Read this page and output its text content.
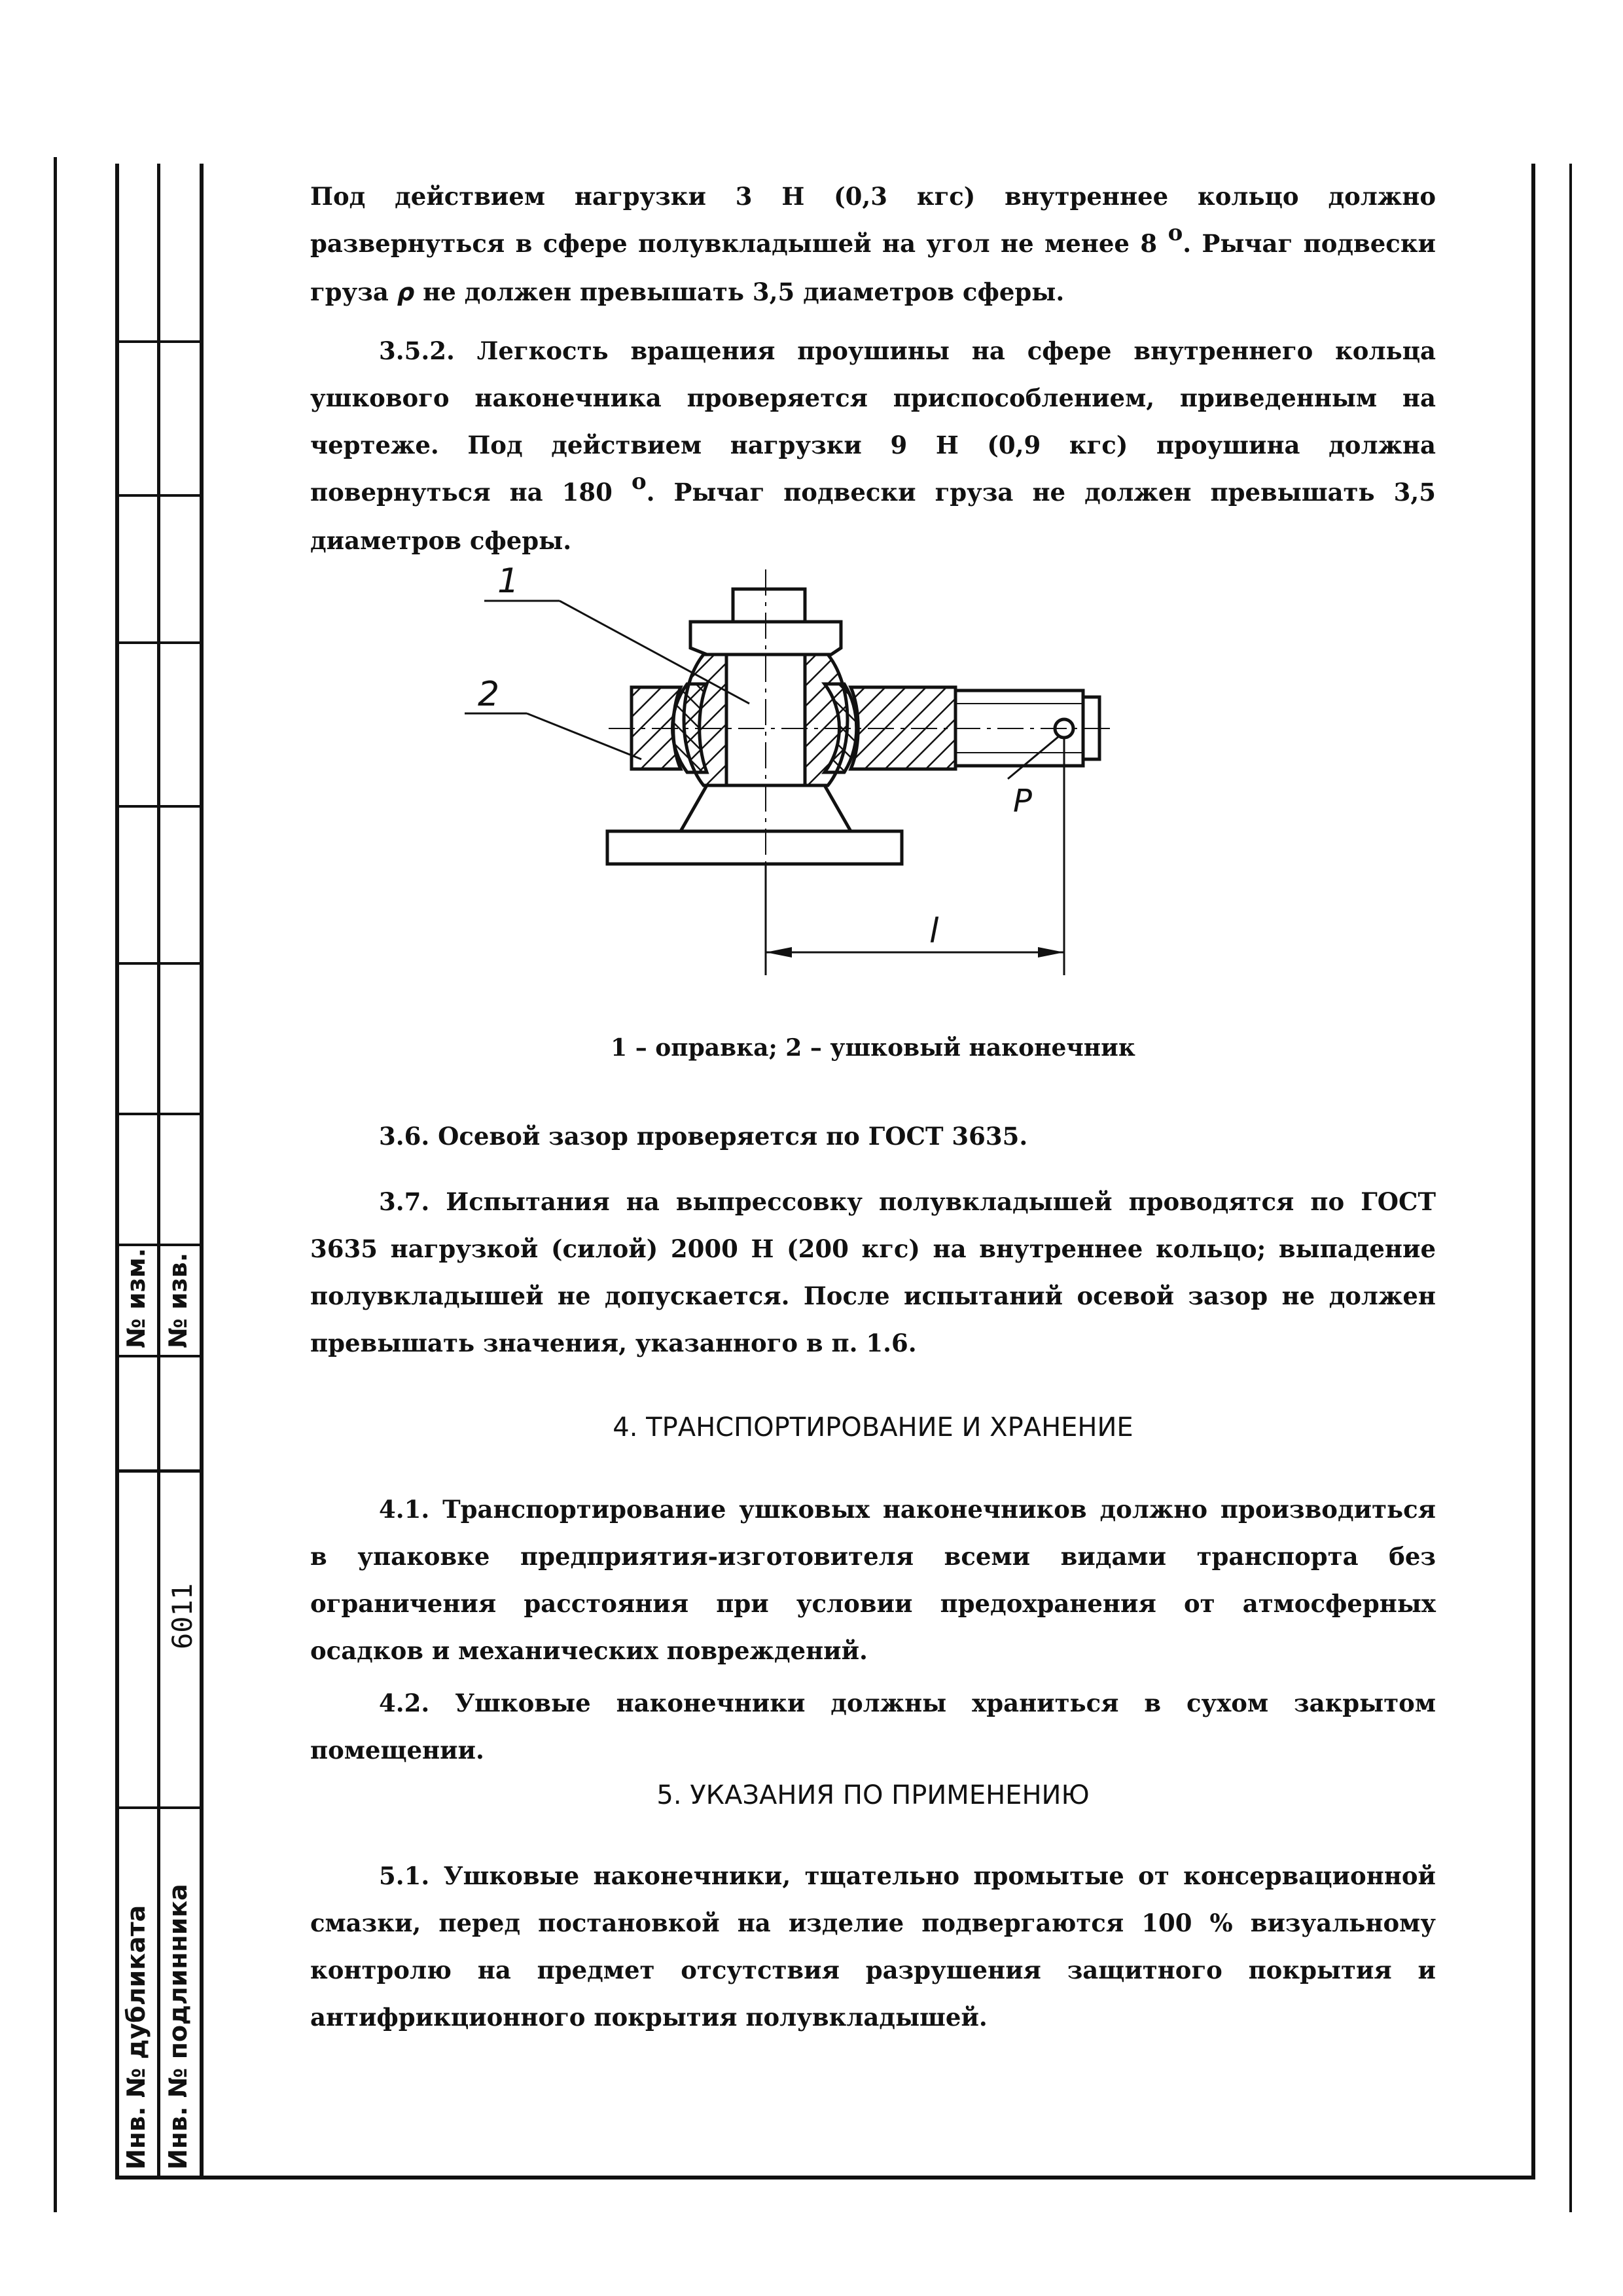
№ изм. № изв.
6011
Инв. № дубликата Инв. № подлинника

Под действием нагрузки 3 Н (0,3 кгс) внутреннее кольцо должно развернуться в сфере полувкладышей на угол не менее 8 о. Рычаг подвески груза ρ не должен превышать 3,5 диаметров сферы.

3.5.2. Легкость вращения проушины на сфере внутреннего кольца ушкового наконечника проверяется приспособлением, приведенным на чертеже. Под действием нагрузки 9 Н (0,9 кгс) проушина должна повернуться на 180 о. Рычаг подвески груза не должен превышать 3,5 диаметров сферы.

1
2
P
l
1 – оправка; 2 – ушковый наконечник

3.6. Осевой зазор проверяется по ГОСТ 3635.

3.7. Испытания на выпрессовку полувкладышей проводятся по ГОСТ 3635 нагрузкой (силой) 2000 Н (200 кгс) на внутреннее кольцо; выпадение полувкладышей не допускается. После испытаний осевой зазор не должен превышать значения, указанного в п. 1.6.

4. ТРАНСПОРТИРОВАНИЕ И ХРАНЕНИЕ

4.1. Транспортирование ушковых наконечников должно производиться в упаковке предприятия-изготовителя всеми видами транспорта без ограничения расстояния при условии предохранения от атмосферных осадков и механических повреждений.

4.2. Ушковые наконечники должны храниться в сухом закрытом помещении.

5. УКАЗАНИЯ ПО ПРИМЕНЕНИЮ

5.1. Ушковые наконечники, тщательно промытые от консервационной смазки, перед постановкой на изделие подвергаются 100 % визуальному контролю на предмет отсутствия разрушения защитного покрытия и антифрикционного покрытия полувкладышей.
